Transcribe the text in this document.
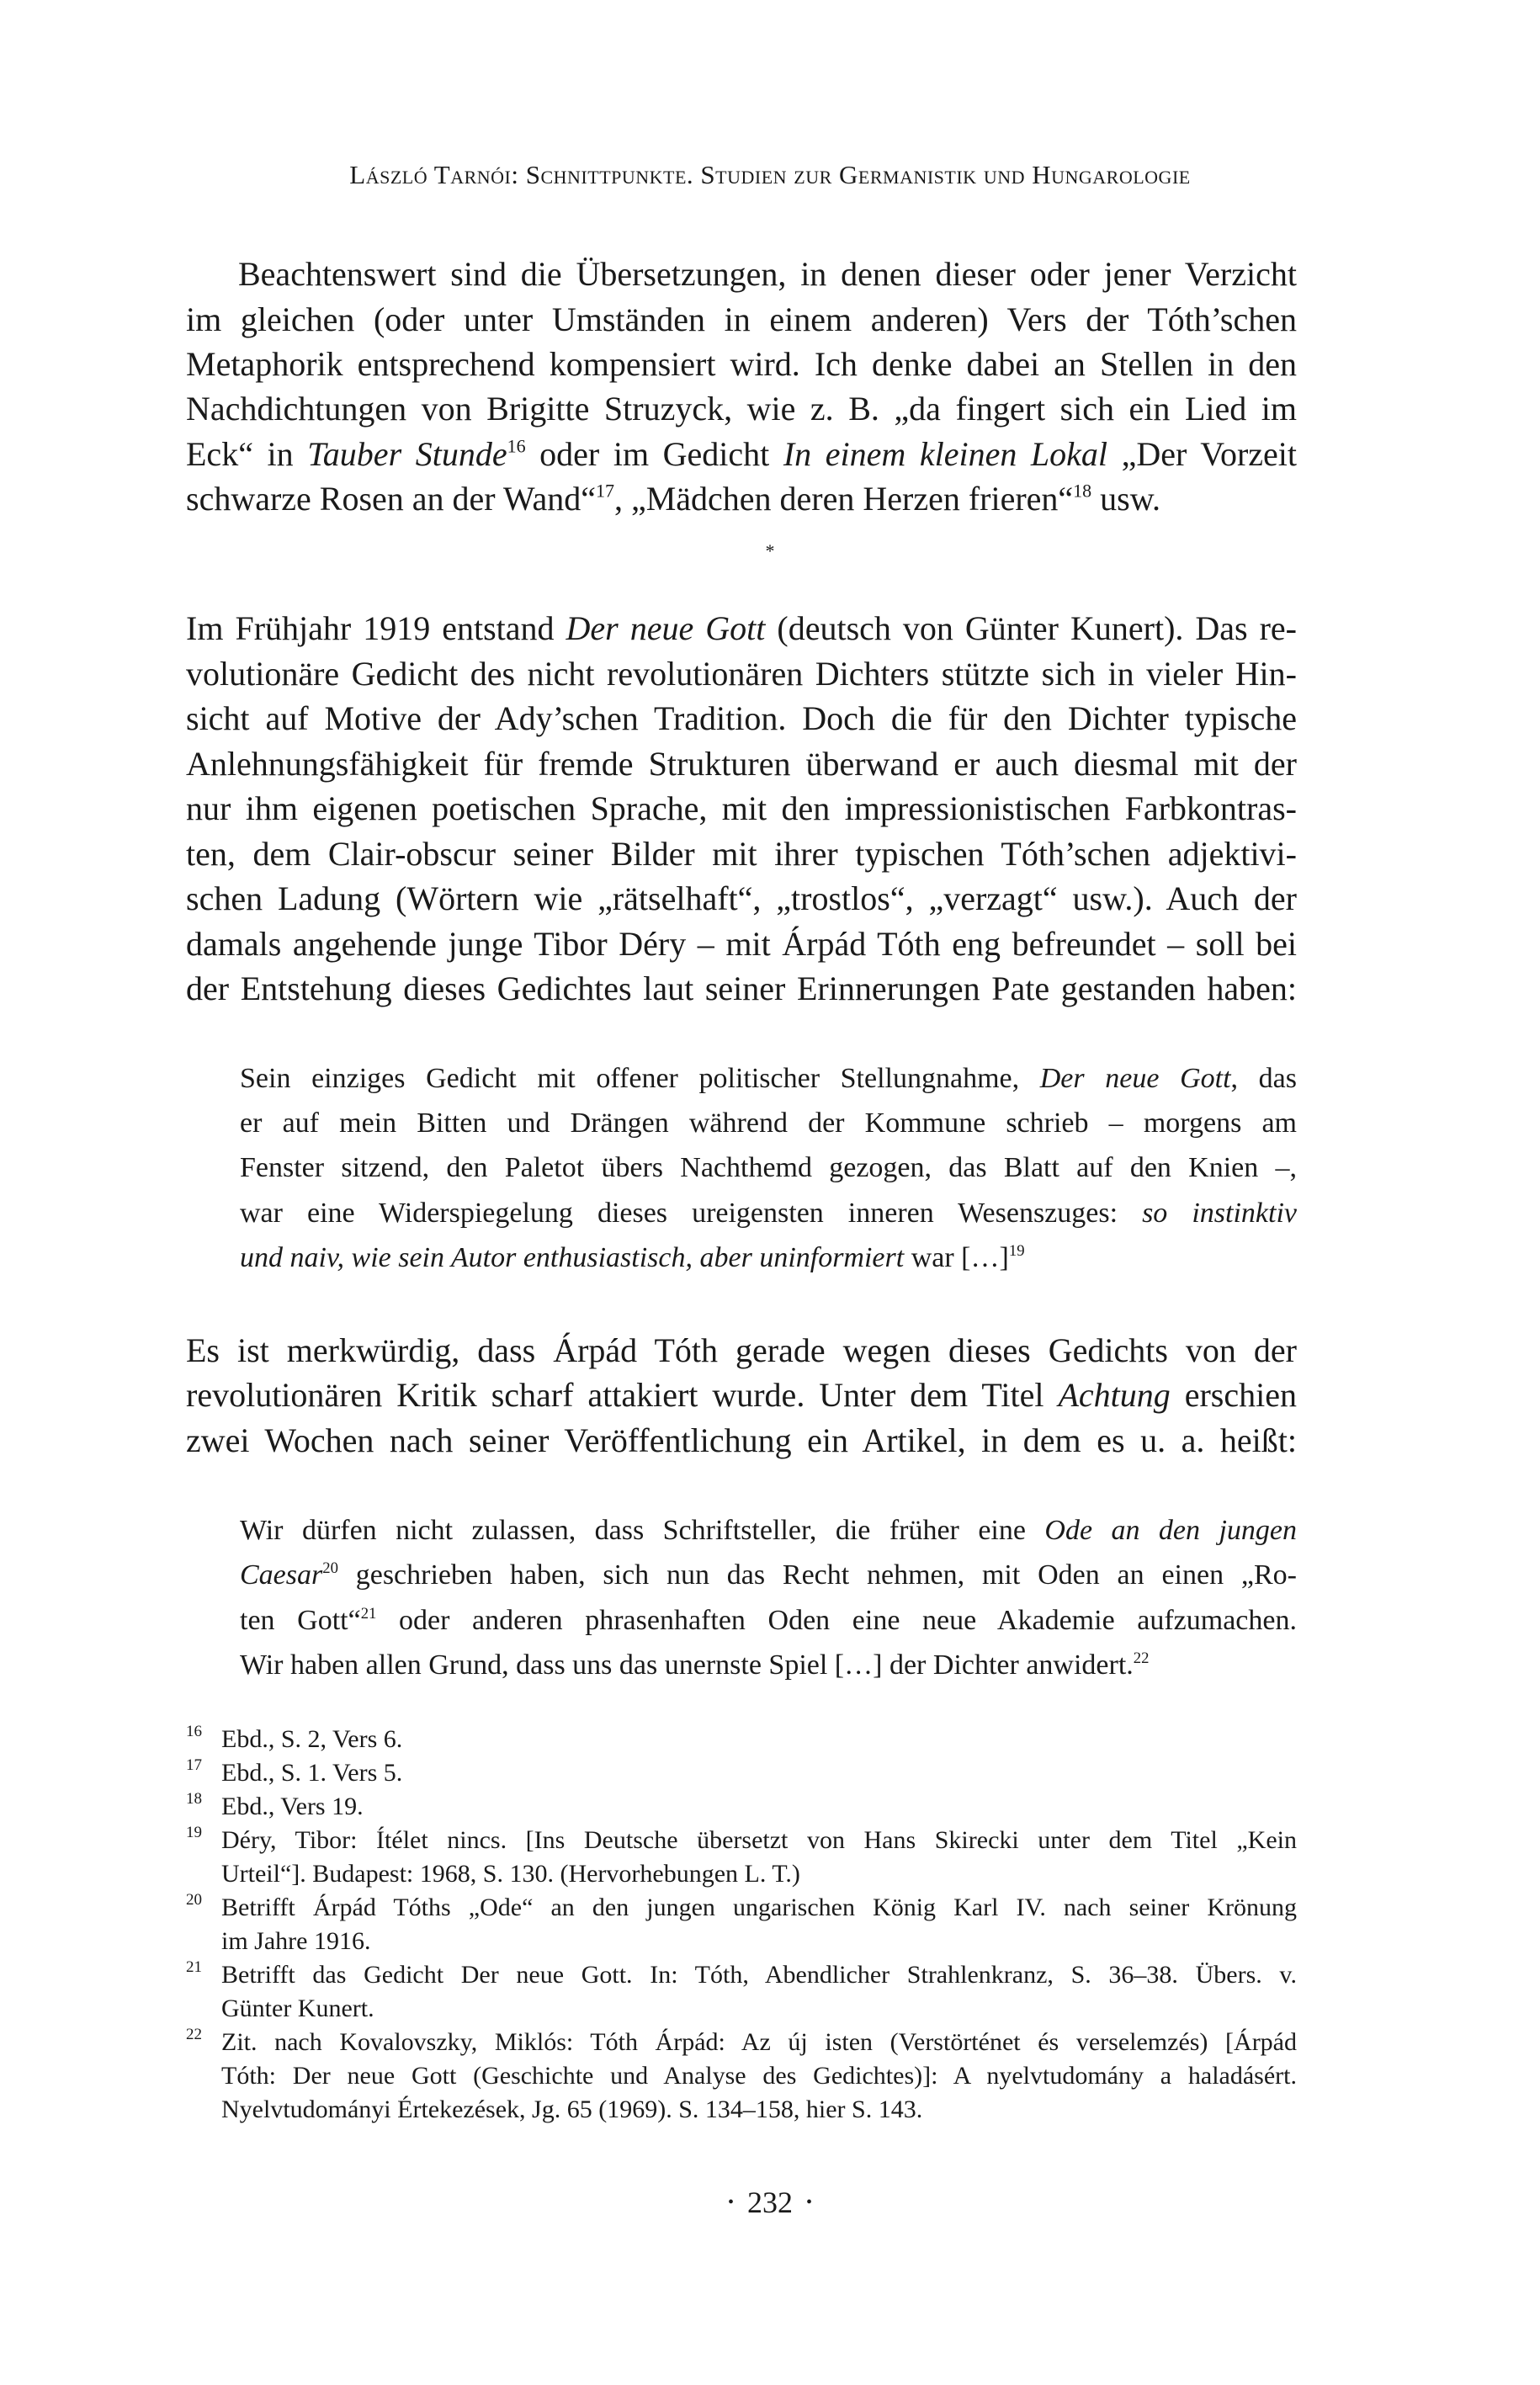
László Tarnói: Schnittpunkte. Studien zur Germanistik und Hungarologie
Beachtenswert sind die Übersetzungen, in denen dieser oder jener Verzicht
im gleichen (oder unter Umständen in einem anderen) Vers der Tóth’schen
Metaphorik entsprechend kompensiert wird. Ich denke dabei an Stellen in den
Nachdichtungen von Brigitte Struzyck, wie z. B. „da fingert sich ein Lied im
Eck“ in Tauber Stunde$^{16}$ oder im Gedicht In einem kleinen Lokal „Der Vorzeit
schwarze Rosen an der Wand“$^{17}$, „Mädchen deren Herzen frieren“$^{18}$ usw.
*
Im Frühjahr 1919 entstand Der neue Gott (deutsch von Günter Kunert). Das re-
volutionäre Gedicht des nicht revolutionären Dichters stützte sich in vieler Hin-
sicht auf Motive der Ady’schen Tradition. Doch die für den Dichter typische
Anlehnungsfähigkeit für fremde Strukturen überwand er auch diesmal mit der
nur ihm eigenen poetischen Sprache, mit den impressionistischen Farbkontras-
ten, dem Clair-obscur seiner Bilder mit ihrer typischen Tóth’schen adjektivi-
schen Ladung (Wörtern wie „rätselhaft“, „trostlos“, „verzagt“ usw.). Auch der
damals angehende junge Tibor Déry – mit Árpád Tóth eng befreundet – soll bei
der Entstehung dieses Gedichtes laut seiner Erinnerungen Pate gestanden haben:
Sein einziges Gedicht mit offener politischer Stellungnahme, Der neue Gott, das
er auf mein Bitten und Drängen während der Kommune schrieb – morgens am
Fenster sitzend, den Paletot übers Nachthemd gezogen, das Blatt auf den Knien –,
war eine Widerspiegelung dieses ureigensten inneren Wesenszuges: so instinktiv
und naiv, wie sein Autor enthusiastisch, aber uninformiert war […]$^{19}$
Es ist merkwürdig, dass Árpád Tóth gerade wegen dieses Gedichts von der
revolutionären Kritik scharf attakiert wurde. Unter dem Titel Achtung erschien
zwei Wochen nach seiner Veröffentlichung ein Artikel, in dem es u. a. heißt:
Wir dürfen nicht zulassen, dass Schriftsteller, die früher eine Ode an den jungen
Caesar$^{20}$ geschrieben haben, sich nun das Recht nehmen, mit Oden an einen „Ro-
ten Gott“$^{21}$ oder anderen phrasenhaften Oden eine neue Akademie aufzumachen.
Wir haben allen Grund, dass uns das unernste Spiel […] der Dichter anwidert.$^{22}$
16 Ebd., S. 2, Vers 6.
17 Ebd., S. 1. Vers 5.
18 Ebd., Vers 19.
19 Déry, Tibor: Ítélet nincs. [Ins Deutsche übersetzt von Hans Skirecki unter dem Titel „Kein
Urteil“]. Budapest: 1968, S. 130. (Hervorhebungen L. T.)
20 Betrifft Árpád Tóths „Ode“ an den jungen ungarischen König Karl IV. nach seiner Krönung
im Jahre 1916.
21 Betrifft das Gedicht Der neue Gott. In: Tóth, Abendlicher Strahlenkranz, S. 36–38. Übers. v.
Günter Kunert.
22 Zit. nach Kovalovszky, Miklós: Tóth Árpád: Az új isten (Verstörténet és verselemzés) [Árpád
Tóth: Der neue Gott (Geschichte und Analyse des Gedichtes)]: A nyelvtudomány a haladásért.
Nyelvtudományi Értekezések, Jg. 65 (1969). S. 134–158, hier S. 143.
• 232 •
